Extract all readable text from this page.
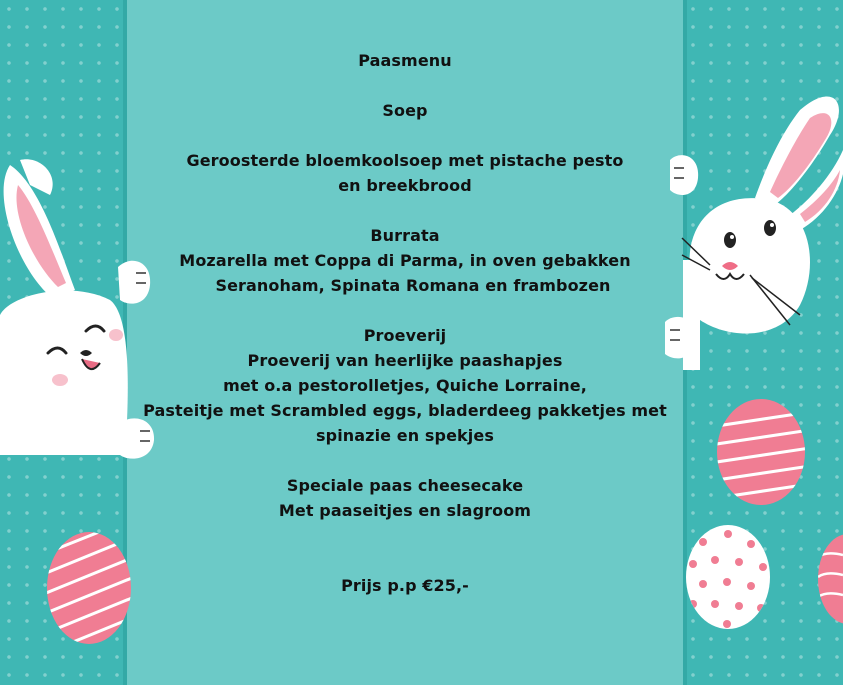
Paasmenu
Soep
Geroosterde bloemkoolsoep met pistache pesto
en breekbrood
Burrata
Mozarella met Coppa di Parma, in oven gebakken
Seranoham, Spinata Romana en frambozen
Proeverij
Proeverij van heerlijke paashapjes
met o.a pestorolletjes, Quiche Lorraine,
Pasteitje met Scrambled eggs, bladerdeeg pakketjes met
spinazie en spekjes
Speciale paas cheesecake
Met paaseitjes en slagroom
Prijs p.p €25,-
